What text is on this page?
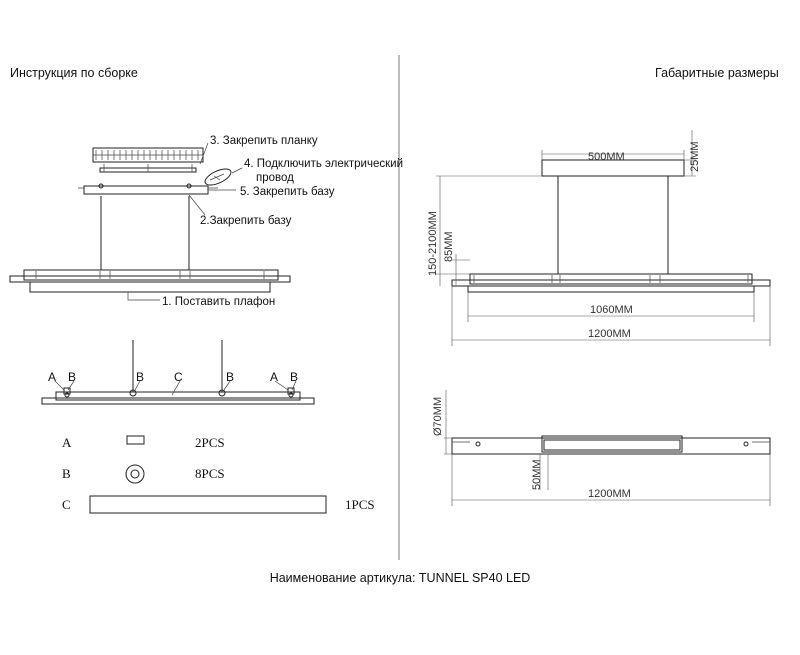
Инструкция по сборке	Габаритные размеры
3. Закрепить планку
4. Подключить электрический
провод
5. Закрепить базу
2.Закрепить базу
1. Поставить плафон
A B	B C	B	A B
A	2PCS
B	8PCS
C	1PCS
500MM	25MM
150-2100MM 85MM
1060MM
1200MM
Ø70MM
50MM
1200MM
Наименование артикула: TUNNEL SP40 LED
